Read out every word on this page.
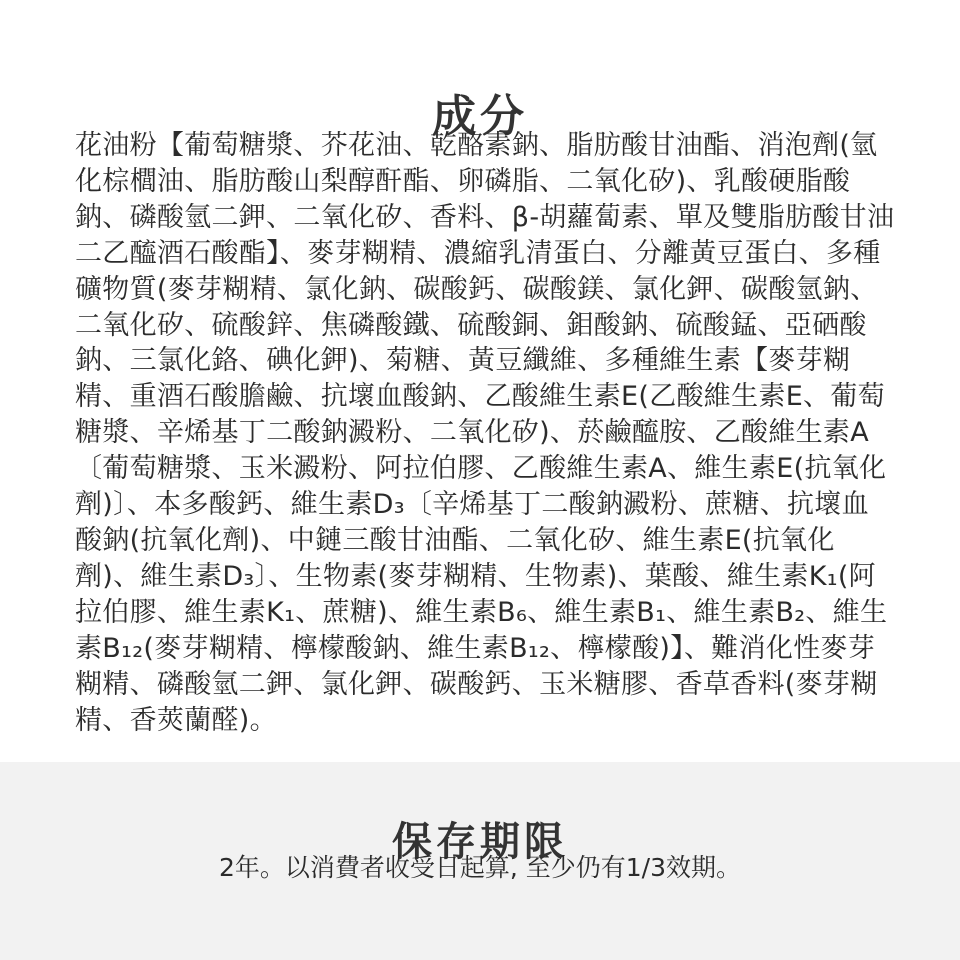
成分

花油粉【葡萄糖漿、芥花油、乾酪素鈉、脂肪酸甘油酯、消泡劑(氫化棕櫚油、脂肪酸山梨醇酐酯、卵磷脂、二氧化矽)、乳酸硬脂酸鈉、磷酸氫二鉀、二氧化矽、香料、β-胡蘿蔔素、單及雙脂肪酸甘油二乙醯酒石酸酯】、麥芽糊精、濃縮乳清蛋白、分離黃豆蛋白、多種礦物質(麥芽糊精、氯化鈉、碳酸鈣、碳酸鎂、氯化鉀、碳酸氫鈉、二氧化矽、硫酸鋅、焦磷酸鐵、硫酸銅、鉬酸鈉、硫酸錳、亞硒酸鈉、三氯化鉻、碘化鉀)、菊糖、黃豆纖維、多種維生素【麥芽糊精、重酒石酸膽鹼、抗壞血酸鈉、乙酸維生素E(乙酸維生素E、葡萄糖漿、辛烯基丁二酸鈉澱粉、二氧化矽)、菸鹼醯胺、乙酸維生素A〔葡萄糖漿、玉米澱粉、阿拉伯膠、乙酸維生素A、維生素E(抗氧化劑)〕、本多酸鈣、維生素D₃〔辛烯基丁二酸鈉澱粉、蔗糖、抗壞血酸鈉(抗氧化劑)、中鏈三酸甘油酯、二氧化矽、維生素E(抗氧化劑)、維生素D₃〕、生物素(麥芽糊精、生物素)、葉酸、維生素K₁(阿拉伯膠、維生素K₁、蔗糖)、維生素B₆、維生素B₁、維生素B₂、維生素B₁₂(麥芽糊精、檸檬酸鈉、維生素B₁₂、檸檬酸)】、難消化性麥芽糊精、磷酸氫二鉀、氯化鉀、碳酸鈣、玉米糖膠、香草香料(麥芽糊精、香莢蘭醛)。

保存期限

2年。以消費者收受日起算, 至少仍有1/3效期。
